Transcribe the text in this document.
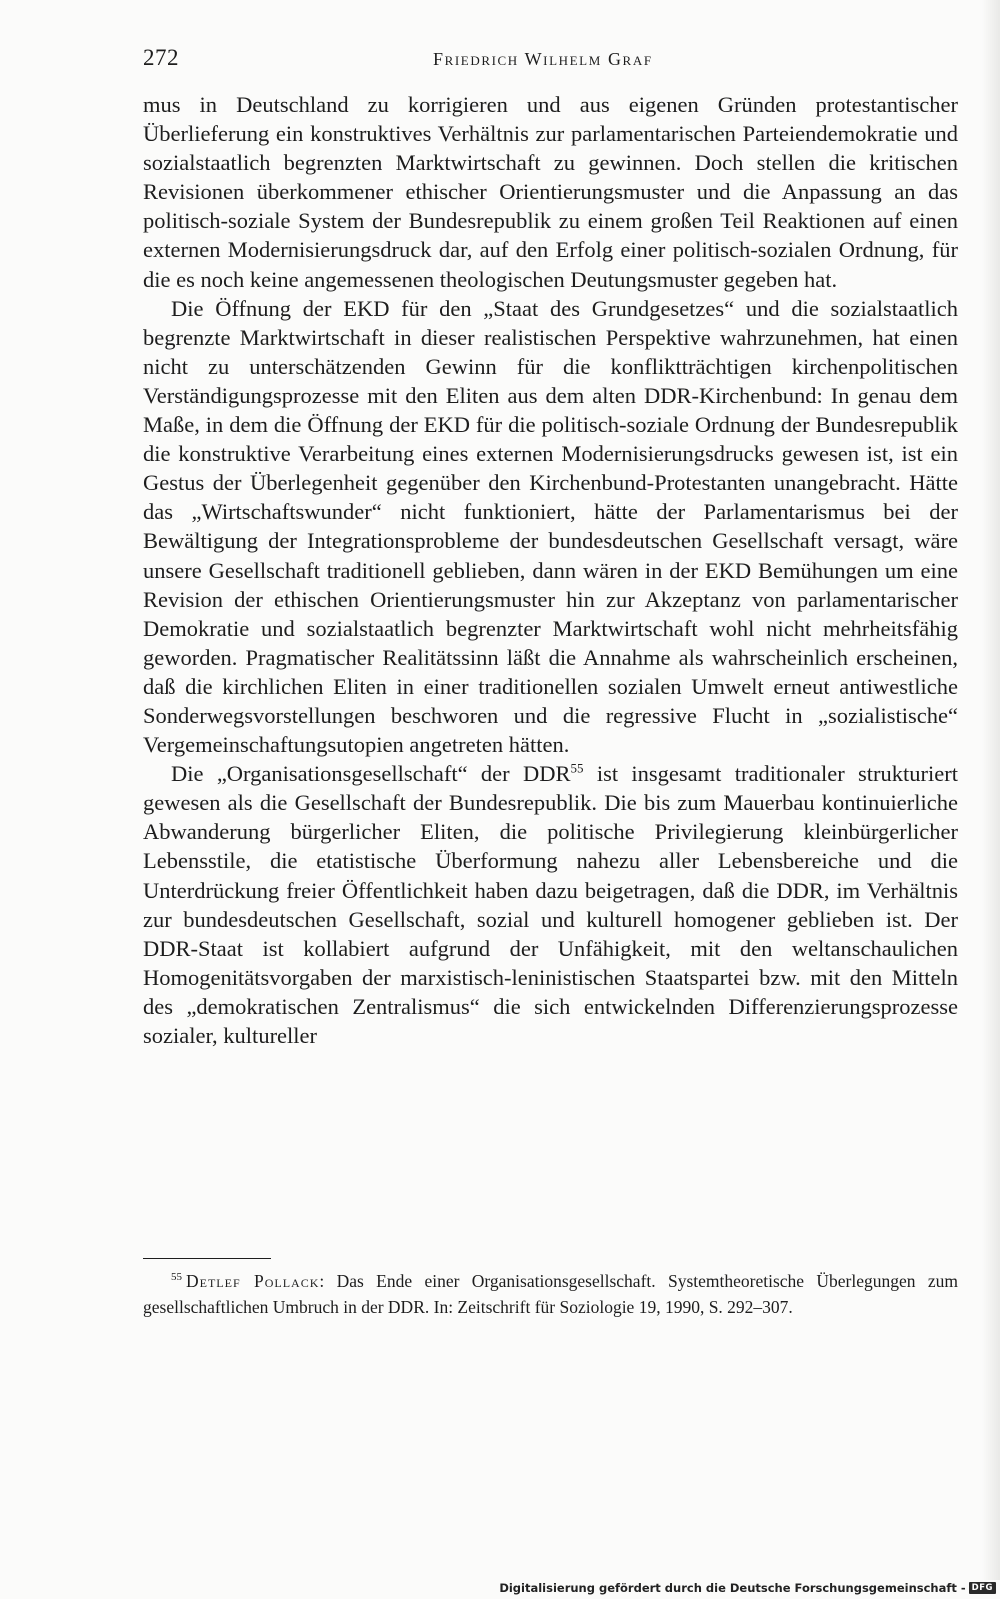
272	Friedrich Wilhelm Graf

mus in Deutschland zu korrigieren und aus eigenen Gründen protestantischer Überlieferung ein konstruktives Verhältnis zur parlamentarischen Parteiendemokratie und sozialstaatlich begrenzten Marktwirtschaft zu gewinnen. Doch stellen die kritischen Revisionen überkommener ethischer Orientierungsmuster und die Anpassung an das politisch-soziale System der Bundesrepublik zu einem großen Teil Reaktionen auf einen externen Modernisierungsdruck dar, auf den Erfolg einer politisch-sozialen Ordnung, für die es noch keine angemessenen theologischen Deutungsmuster gegeben hat.

Die Öffnung der EKD für den „Staat des Grundgesetzes“ und die sozialstaatlich begrenzte Marktwirtschaft in dieser realistischen Perspektive wahrzunehmen, hat einen nicht zu unterschätzenden Gewinn für die konfliktträchtigen kirchenpolitischen Verständigungsprozesse mit den Eliten aus dem alten DDR-Kirchenbund: In genau dem Maße, in dem die Öffnung der EKD für die politisch-soziale Ordnung der Bundesrepublik die konstruktive Verarbeitung eines externen Modernisierungsdrucks gewesen ist, ist ein Gestus der Überlegenheit gegenüber den Kirchenbund-Protestanten unangebracht. Hätte das „Wirtschaftswunder“ nicht funktioniert, hätte der Parlamentarismus bei der Bewältigung der Integrationsprobleme der bundesdeutschen Gesellschaft versagt, wäre unsere Gesellschaft traditionell geblieben, dann wären in der EKD Bemühungen um eine Revision der ethischen Orientierungsmuster hin zur Akzeptanz von parlamentarischer Demokratie und sozialstaatlich begrenzter Marktwirtschaft wohl nicht mehrheitsfähig geworden. Pragmatischer Realitätssinn läßt die Annahme als wahrscheinlich erscheinen, daß die kirchlichen Eliten in einer traditionellen sozialen Umwelt erneut antiwestliche Sonderwegsvorstellungen beschworen und die regressive Flucht in „sozialistische“ Vergemeinschaftungsutopien angetreten hätten.

Die „Organisationsgesellschaft“ der DDR$^{55}$ ist insgesamt traditionaler strukturiert gewesen als die Gesellschaft der Bundesrepublik. Die bis zum Mauerbau kontinuierliche Abwanderung bürgerlicher Eliten, die politische Privilegierung kleinbürgerlicher Lebensstile, die etatistische Überformung nahezu aller Lebensbereiche und die Unterdrückung freier Öffentlichkeit haben dazu beigetragen, daß die DDR, im Verhältnis zur bundesdeutschen Gesellschaft, sozial und kulturell homogener geblieben ist. Der DDR-Staat ist kollabiert aufgrund der Unfähigkeit, mit den weltanschaulichen Homogenitätsvorgaben der marxistisch-leninistischen Staatspartei bzw. mit den Mitteln des „demokratischen Zentralismus“ die sich entwickelnden Differenzierungsprozesse sozialer, kultureller

$^{55}$ Detlef Pollack: Das Ende einer Organisationsgesellschaft. Systemtheoretische Überlegungen zum gesellschaftlichen Umbruch in der DDR. In: Zeitschrift für Soziologie 19, 1990, S. 292–307.

Digitalisierung gefördert durch die Deutsche Forschungsgemeinschaft - DFG
